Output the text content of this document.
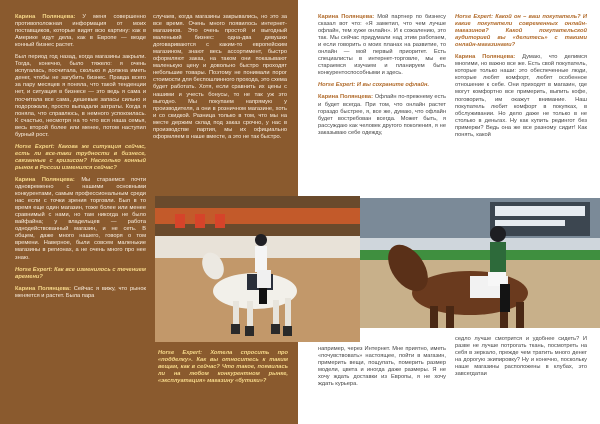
Карина Полянцева: У меня совершенно противоположная информация от моих поставщиков, которые видят всю картину: как в Америке идут дела, как в Европе — везде конный бизнес растет.

Был период год назад, когда магазины закрыли. Тогда, конечно, было тяжело: я очень испугалась, посчитала, сколько я должна иметь денег, чтобы не загубить бизнес. Правда всего за пару месяцев я поняла, что такой тенденции нет, и ситуация в бизнесе — это ведь я сама и посчитала все сама, дешевые запасы сильно и подорожали, просто выпадали затраты. Когда я поняла, что справлюсь, в немного успокоилась. К счастью, несмотря на то что вся наша семья, весь второй более или менее, потом наступил бурный рост.

Horse Expert: Какова же ситуация сейчас, есть ли все-таки трудности в бизнесе, связанные с кризисом? Насколько конный рынок в России изменился сейчас?

Карина Полянцева: Мы стараемся почти одновременно с нашими основными конкурентами, самым профессиональным среди нас если с точки зрения торговли. Был в то время еще один магазин, тоже более или менее сравнимый с нами, но там никогда не было вайфайна; у владельцев — работа однодействованный магазин, и не сеть. В общем, даже много нашего, говоря о том времени. Наверное, были совсем маленькие магазины в регионах, а не очень много про нее знаю.

Horse Expert: Как все изменилось с течением времени?

Карина Полянцева: Сейчас я вижу, что рынок меняется и растет. Была пара

случаев, когда магазины закрывались, но это за все время. Очень много появилось интернет-магазинов. Это очень простой и выгодный маленький бизнес: одна-два девушки договариваются с каким-то европейским магазином, знают весь ассортимент, быстро оформляют заказ, на таком они показывают маленькую цену и довольно быстро проходят небольшие товары. Поэтому не понимали порог стоимости для беспошлинного прохода, это схема будет работать. Хотя, если сравнить их цены с нашими и учесть бонусы, то не так уж это выгодно. Мы покупаем напрямую у производителя, а они в розничном магазине, хоть и со скидкой. Разница только в том, что мы на месте держим склад под заказ срочно, у нас в производстве партия, мы их официально оформляем в наше вместе, а это не так быстро.

Карина Полянцева: Мой партнер по бизнесу сказал вот что: «Я заметил, что чем лучше офлайн, тем хуже онлайн». И к сожалению, это так. Мы сейчас придумали над этим работаем, и если говорить о моих планах на развитие, то онлайн — мой первый приоритет. Есть специалисты в интернет-торговле, мы ее стараемся изучаем и планируем быть конкурентоспособными и здесь.

Horse Expert: И вы сохраните офлайн.

Карина Полянцева: Офлайн по-прежнему есть и будет всегда. При том, что онлайн растет гораздо быстрее, я, все же, думаю, что офлайн будет востребован всегда. Может быть, я рассуждаю как человек другого поколения, я не заказываю себе одежду,

Horse Expert: Какой он – ваш покупатель? И какие покупатели современных онлайн-магазинов? Какой покупательской аудиторией вы «делитесь» с такими онлайн-магазинами?

Карина Полянцева: Думаю, что делимся многими, но важно все же. Есть свой покупатель, которые только наши: это обеспеченные люди, которые любят комфорт, любят особенное отношение к себе. Они приходят в магазин, где могут комфортно все примерить, выпить кофе, поговорить, им окажут внимание. Наш покупатель любит комфорт в покупках, в обслуживании. Но дело даже не только в не столько в деньгах. Ну как купить редингот без примерки? Ведь она же все разному сидит! Как понять, какой

Horse Expert: Хотела спросить про «подделку». Как вы относитесь к таким вещам, как в сейчас? Что такое, появилась ли на любом конкурентном рынке, «эксплуатация» магазину «бутики»?

например, через Интернет. Мне приятно, иметь «почувствовать» настоящее, пойти в магазин, примерить вещи, пощупать, померить размер модели, цвета и иногда даже размеры. Я не хочу ждать доставки из Европы, я не хочу ждать курьера.

седло лучше смотрится и удобнее сидеть? И разве не лучше потрогать ткань, посмотреть на себя в зеркало, прежде чем тратить много денег на дорогую экипировку? Ну и конечно, поскольку наше магазины расположены в клубах, это завсегдатаи
